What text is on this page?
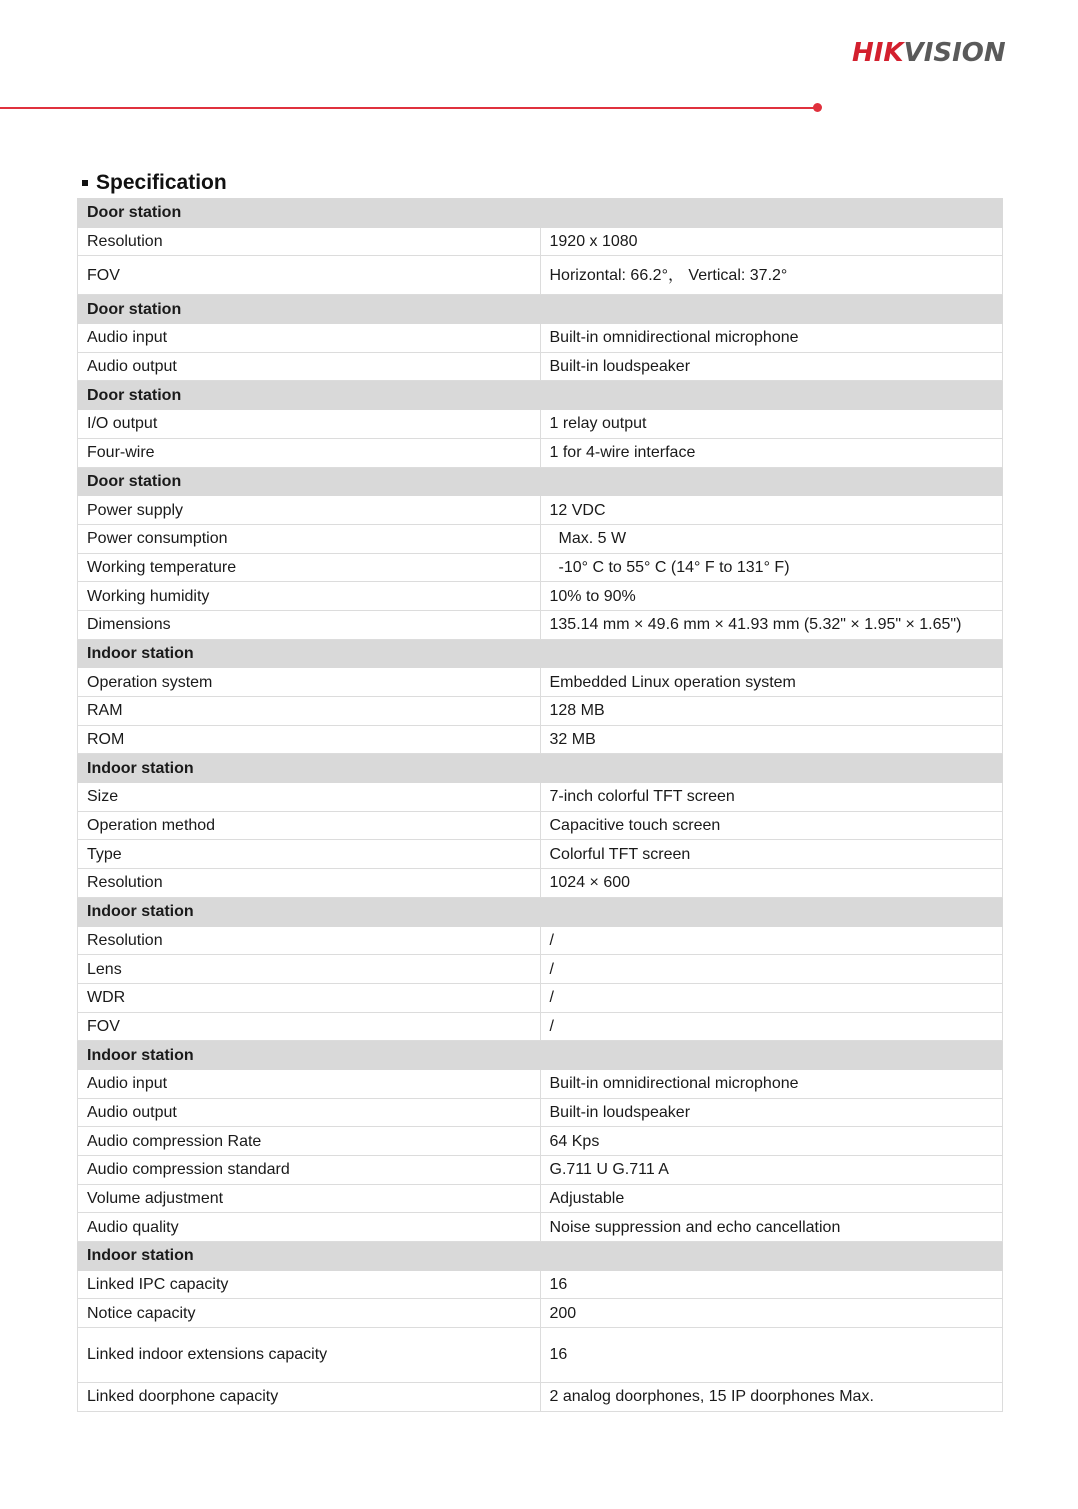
HIKVISION
Specification
Door station	
Resolution	1920 x 1080
FOV	Horizontal: 66.2°， Vertical: 37.2°
Door station	
Audio input	Built-in omnidirectional microphone
Audio output	Built-in loudspeaker
Door station	
I/O output	1 relay output
Four-wire	1 for 4-wire interface
Door station	
Power supply	12 VDC
Power consumption	Max. 5 W
Working temperature	-10° C to 55° C (14° F to 131° F)
Working humidity	10% to 90%
Dimensions	135.14 mm × 49.6 mm × 41.93 mm (5.32" × 1.95" × 1.65")
Indoor station	
Operation system	Embedded Linux operation system
RAM	128 MB
ROM	32 MB
Indoor station	
Size	7-inch colorful TFT screen
Operation method	Capacitive touch screen
Type	Colorful TFT screen
Resolution	1024 × 600
Indoor station	
Resolution	/
Lens	/
WDR	/
FOV	/
Indoor station	
Audio input	Built-in omnidirectional microphone
Audio output	Built-in loudspeaker
Audio compression Rate	64 Kps
Audio compression standard	G.711 U G.711 A
Volume adjustment	Adjustable
Audio quality	Noise suppression and echo cancellation
Indoor station	
Linked IPC capacity	16
Notice capacity	200
Linked indoor extensions capacity	16
Linked doorphone capacity	2 analog doorphones, 15 IP doorphones Max.
